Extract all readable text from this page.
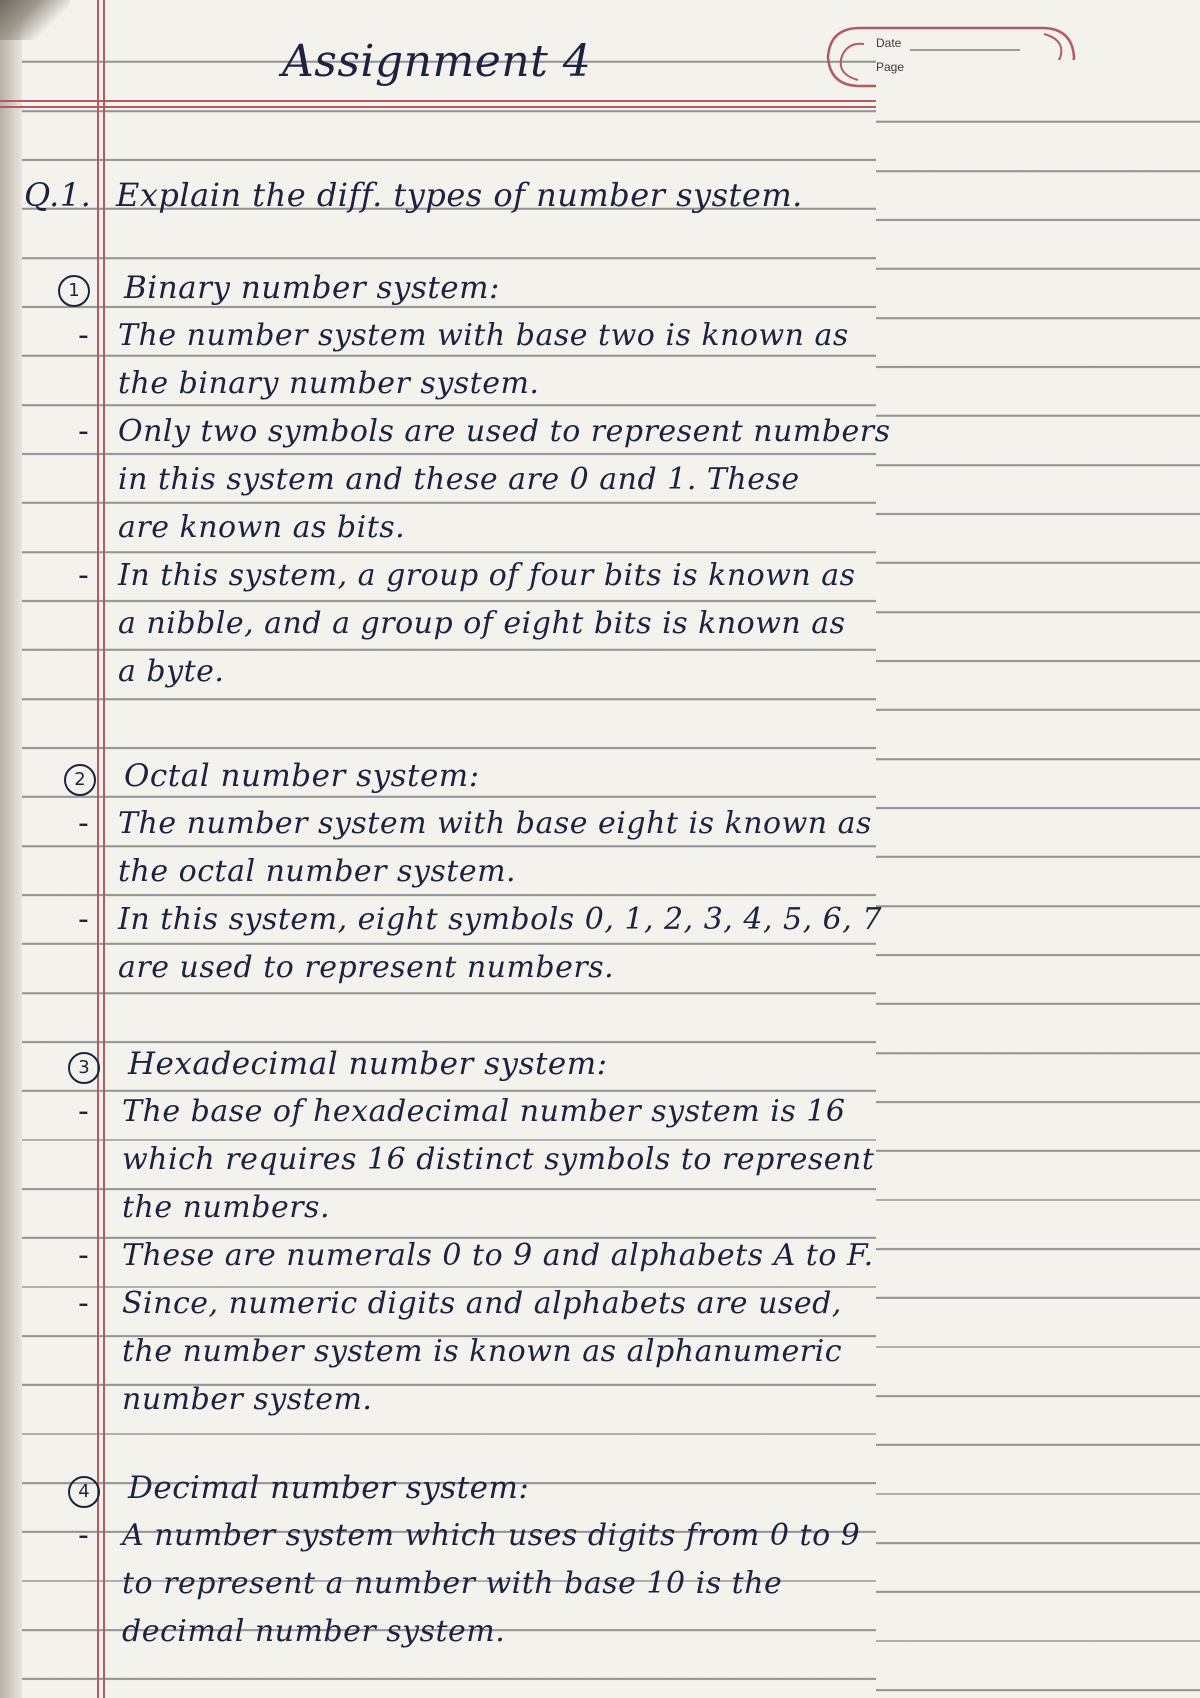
Date
Page
Assignment 4
Q.1. Explain the diff. types of number system.
1	Binary number system:
- The number system with base two is known as
the binary number system.
- Only two symbols are used to represent numbers
in this system and these are 0 and 1. These
are known as bits.
- In this system, a group of four bits is known as
a nibble, and a group of eight bits is known as
a byte.
2	Octal number system:
- The number system with base eight is known as
the octal number system.
- In this system, eight symbols 0, 1, 2, 3, 4, 5, 6, 7
are used to represent numbers.
3	Hexadecimal number system:
- The base of hexadecimal number system is 16
which requires 16 distinct symbols to represent
the numbers.
- These are numerals 0 to 9 and alphabets A to F.
- Since, numeric digits and alphabets are used,
the number system is known as alphanumeric
number system.
4	Decimal number system:
- A number system which uses digits from 0 to 9
to represent a number with base 10 is the
decimal number system.
